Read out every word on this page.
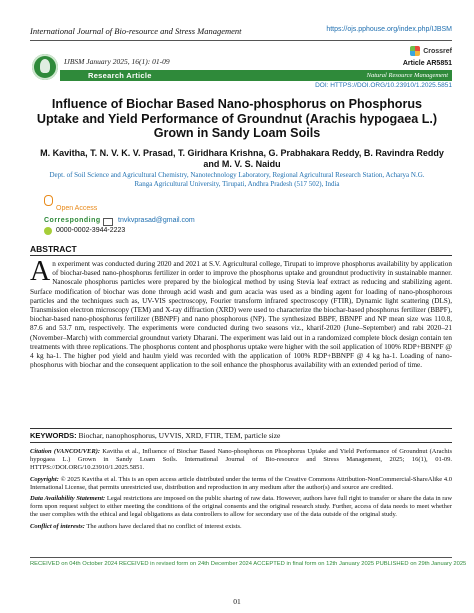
International Journal of Bio-resource and Stress Management	https://ojs.pphouse.org/index.php/IJBSM
IJBSM January 2025, 16(1): 01-09
Crossref
Article AR5851
Research Article	Natural Resource Management
DOI: HTTPS://DOI.ORG/10.23910/1.2025.5851
Influence of Biochar Based Nano-phosphorus on Phosphorus Uptake and Yield Performance of Groundnut (Arachis hypogaea L.) Grown in Sandy Loam Soils
M. Kavitha, T. N. V. K. V. Prasad, T. Giridhara Krishna, G. Prabhakara Reddy, B. Ravindra Reddy and M. V. S. Naidu
Dept. of Soil Science and Agricultural Chemistry, Nanotechnology Laboratory, Regional Agricultural Research Station, Acharya N.G. Ranga Agricultural University, Tirupati, Andhra Pradesh (517 502), India
Open Access
Corresponding tnvkvprasad@gmail.com
0000-0002-3944-2223
ABSTRACT
An experiment was conducted during 2020 and 2021 at S.V. Agricultural college, Tirupati to improve phosphorus availability by application of biochar-based nano-phosphorus fertilizer in order to improve the phosphorus uptake and groundnut productivity in sustainable manner. Nanoscale phosphorus particles were prepared by the biological method by using Stevia leaf extract as reducing and stabilizing agent. Surface modification of biochar was done through acid wash and gum acacia was used as a binding agent for loading of nano-phosphorous particles and the techniques such as, UV-VIS spectroscopy, Fourier transform infrared spectroscopy (FTIR), Dynamic light scattering (DLS), Transmission electron microscopy (TEM) and X-ray diffraction (XRD) were used to characterize the biochar-based phosphorus fertilizer (BBPF), biochar-based nano-phosphorus fertilizer (BBNPF) and nano phosphorous (NP). The synthesized BBPF, BBNPF and NP mean size was 110.8, 87.6 and 53.7 nm, respectively. The experiments were conducted during two seasons viz., kharif-2020 (June–September) and rabi 2020–21 (November–March) with commercial groundnut variety Dharani. The experiment was laid out in a randomized complete block design contain ten treatments with three replications. The phosphorus content and phosphorus uptake were higher with the soil application of 100% RDP+BBNPF @ 4 kg ha-1. The higher pod yield and haulm yield was recorded with the application of 100% RDP+BBNPF @ 4 kg ha-1. Loading of nano-phosphorus with biochar and the consequent application to the soil enhance the phosphorus availability with an extended period of time.
KEYWORDS: Biochar, nanophosphorus, UVVIS, XRD, FTIR, TEM, particle size

Citation (VANCOUVER): Kavitha et al., Influence of Biochar Based Nano-phosphorus on Phosphorus Uptake and Yield Performance of Groundnut (Arachis hypogaea L.) Grown in Sandy Loam Soils. International Journal of Bio-resource and Stress Management, 2025; 16(1), 01-09. HTTPS://DOI.ORG/10.23910/1.2025.5851.

Copyright: © 2025 Kavitha et al. This is an open access article distributed under the terms of the Creative Commons Attribution-NonCommercial-ShareAlike 4.0 International License, that permits unrestricted use, distribution and reproduction in any medium after the author(s) and source are credited.

Data Availability Statement: Legal restrictions are imposed on the public sharing of raw data. However, authors have full right to transfer or share the data in raw form upon request subject to either meeting the conditions of the original consents and the original research study. Further, access of data needs to meet whether the user complies with the ethical and legal obligations as data controllers to allow for secondary use of the data outside of the original study.

Conflict of interests: The authors have declared that no conflict of interest exists.

RECEIVED on 04th October 2024 RECEIVED in revised form on 24th December 2024 ACCEPTED in final form on 12th January 2025 PUBLISHED on 29th January 2025
01
